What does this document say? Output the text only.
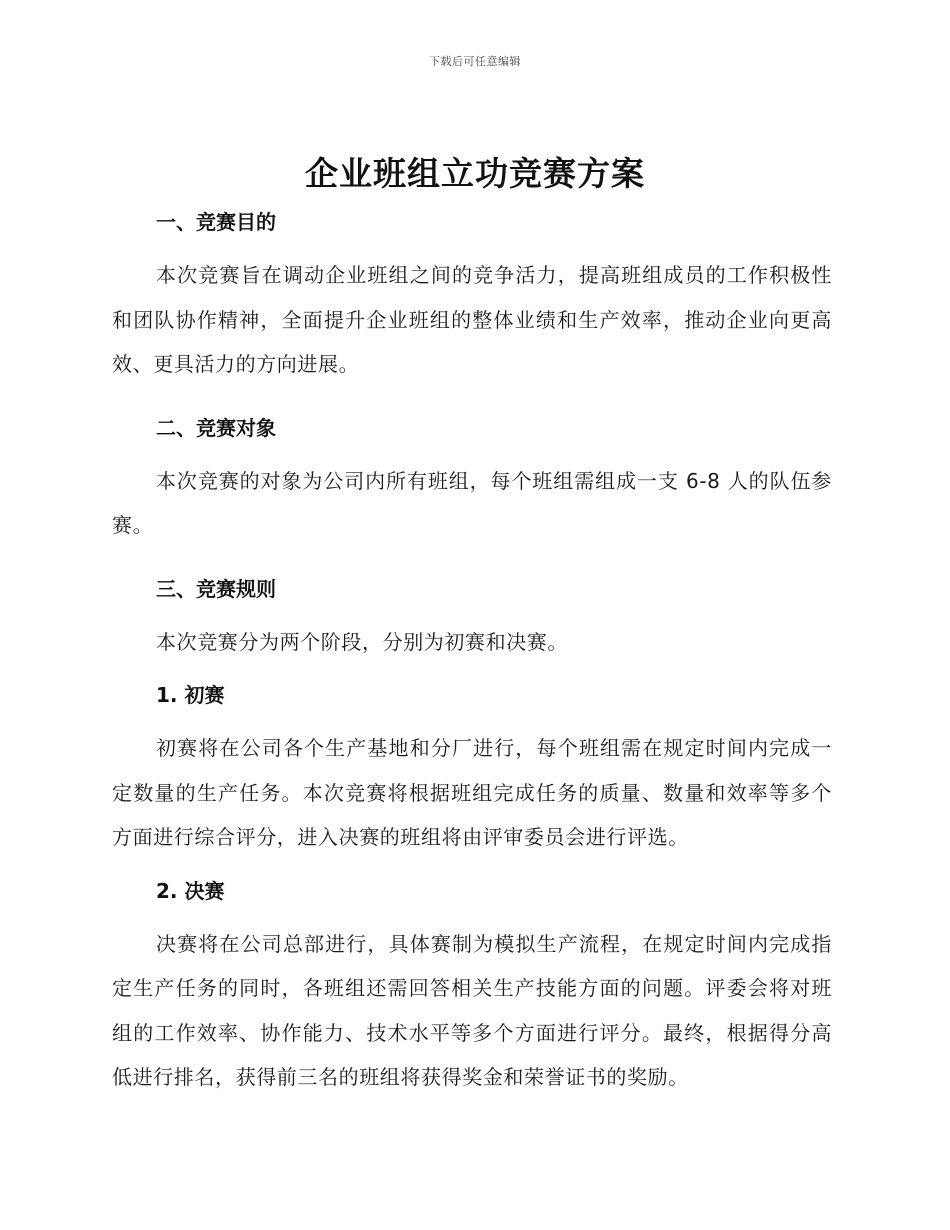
下载后可任意编辑
企业班组立功竞赛方案
一、竞赛目的

本次竞赛旨在调动企业班组之间的竞争活力，提高班组成员的工作积极性和团队协作精神，全面提升企业班组的整体业绩和生产效率，推动企业向更高效、更具活力的方向进展。

二、竞赛对象

本次竞赛的对象为公司内所有班组，每个班组需组成一支 6-8 人的队伍参赛。

三、竞赛规则

本次竞赛分为两个阶段，分别为初赛和决赛。

1. 初赛

初赛将在公司各个生产基地和分厂进行，每个班组需在规定时间内完成一定数量的生产任务。本次竞赛将根据班组完成任务的质量、数量和效率等多个方面进行综合评分，进入决赛的班组将由评审委员会进行评选。

2. 决赛

决赛将在公司总部进行，具体赛制为模拟生产流程，在规定时间内完成指定生产任务的同时，各班组还需回答相关生产技能方面的问题。评委会将对班组的工作效率、协作能力、技术水平等多个方面进行评分。最终，根据得分高低进行排名，获得前三名的班组将获得奖金和荣誉证书的奖励。
